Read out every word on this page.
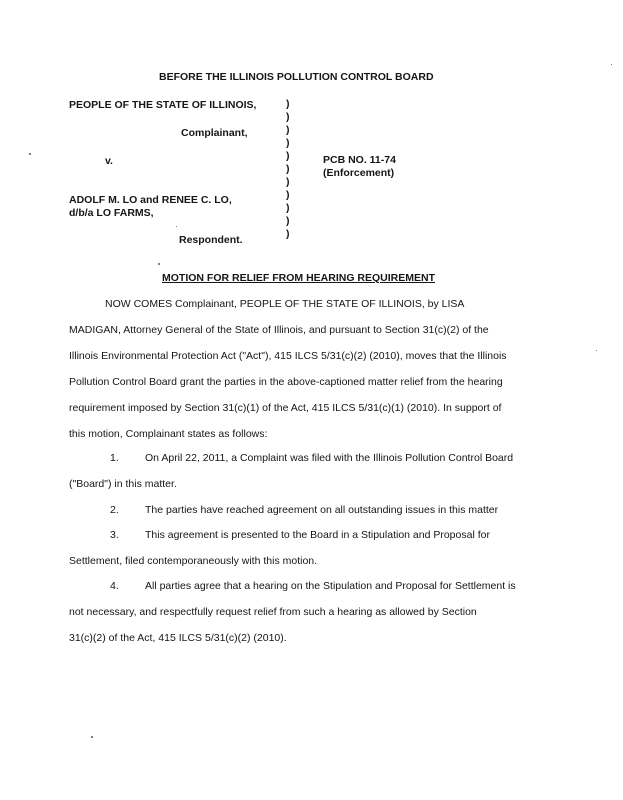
BEFORE THE ILLINOIS POLLUTION CONTROL BOARD
PEOPLE OF THE STATE OF ILLINOIS,
Complainant,
v.
ADOLF M. LO and RENEE C. LO,
d/b/a LO FARMS,
Respondent.
PCB NO. 11-74
(Enforcement)
)
)
)
)
)
)
)
)
)
)
)
MOTION FOR RELIEF FROM HEARING REQUIREMENT
NOW COMES Complainant, PEOPLE OF THE STATE OF ILLINOIS, by LISA
MADIGAN, Attorney General of the State of Illinois, and pursuant to Section 31(c)(2) of the
Illinois Environmental Protection Act ("Act"), 415 ILCS 5/31(c)(2) (2010), moves that the Illinois
Pollution Control Board grant the parties in the above-captioned matter relief from the hearing
requirement imposed by Section 31(c)(1) of the Act, 415 ILCS 5/31(c)(1) (2010). In support of
this motion, Complainant states as follows:
1. On April 22, 2011, a Complaint was filed with the Illinois Pollution Control Board
("Board") in this matter.
2. The parties have reached agreement on all outstanding issues in this matter
3. This agreement is presented to the Board in a Stipulation and Proposal for
Settlement, filed contemporaneously with this motion.
4. All parties agree that a hearing on the Stipulation and Proposal for Settlement is
not necessary, and respectfully request relief from such a hearing as allowed by Section
31(c)(2) of the Act, 415 ILCS 5/31(c)(2) (2010).
